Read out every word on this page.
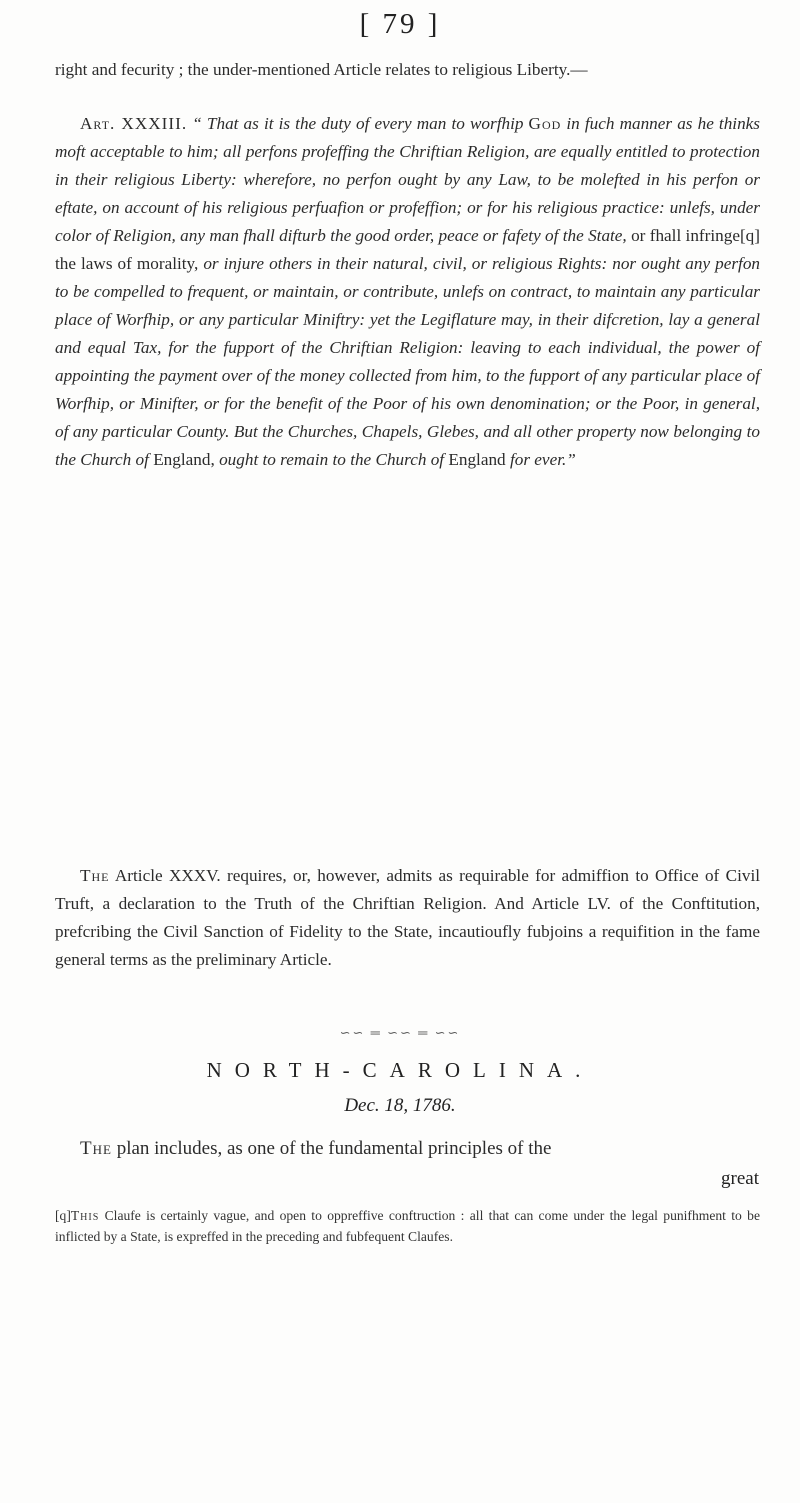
[ 79 ]
right and fecurity ; the under-mentioned Article relates to religious Liberty.—
Art. XXXIII. “ That as it is the duty of every man to worfhip God in fuch manner as he thinks moft acceptable to him; all perfons profeffing the Chriftian Religion, are equally entitled to protection in their religious Liberty: wherefore, no perfon ought by any Law, to be molefted in his perfon or eftate, on account of his religious perfuafion or profeffion; or for his religious practice: unlefs, under color of Religion, any man fhall difturb the good order, peace or fafety of the State, or fhall infringe[q] the laws of morality, or injure others in their natural, civil, or religious Rights: nor ought any perfon to be compelled to frequent, or maintain, or contribute, unlefs on contract, to maintain any particular place of Worfhip, or any particular Miniftry: yet the Legiflature may, in their difcretion, lay a general and equal Tax, for the fupport of the Chriftian Religion: leaving to each individual, the power of appointing the payment over of the money collected from him, to the fupport of any particular place of Worfhip, or Minifter, or for the benefit of the Poor of his own denomination; or the Poor, in general, of any particular County. But the Churches, Chapels, Glebes, and all other property now belonging to the Church of England, ought to remain to the Church of England for ever.”
The Article XXXV. requires, or, however, admits as requirable for admiffion to Office of Civil Truft, a declaration to the Truth of the Chriftian Religion. And Article LV. of the Conftitution, prefcribing the Civil Sanction of Fidelity to the State, incautioufly fubjoins a requifition in the fame general terms as the preliminary Article.
∽∽ ═ ∽∽ ═ ∽∽
NORTH-CAROLINA.
Dec. 18, 1786.
The plan includes, as one of the fundamental principles of the
great
[q]This Claufe is certainly vague, and open to oppreffive conftruction : all that can come under the legal punifhment to be inflicted by a State, is expreffed in the preceding and fubfequent Claufes.
